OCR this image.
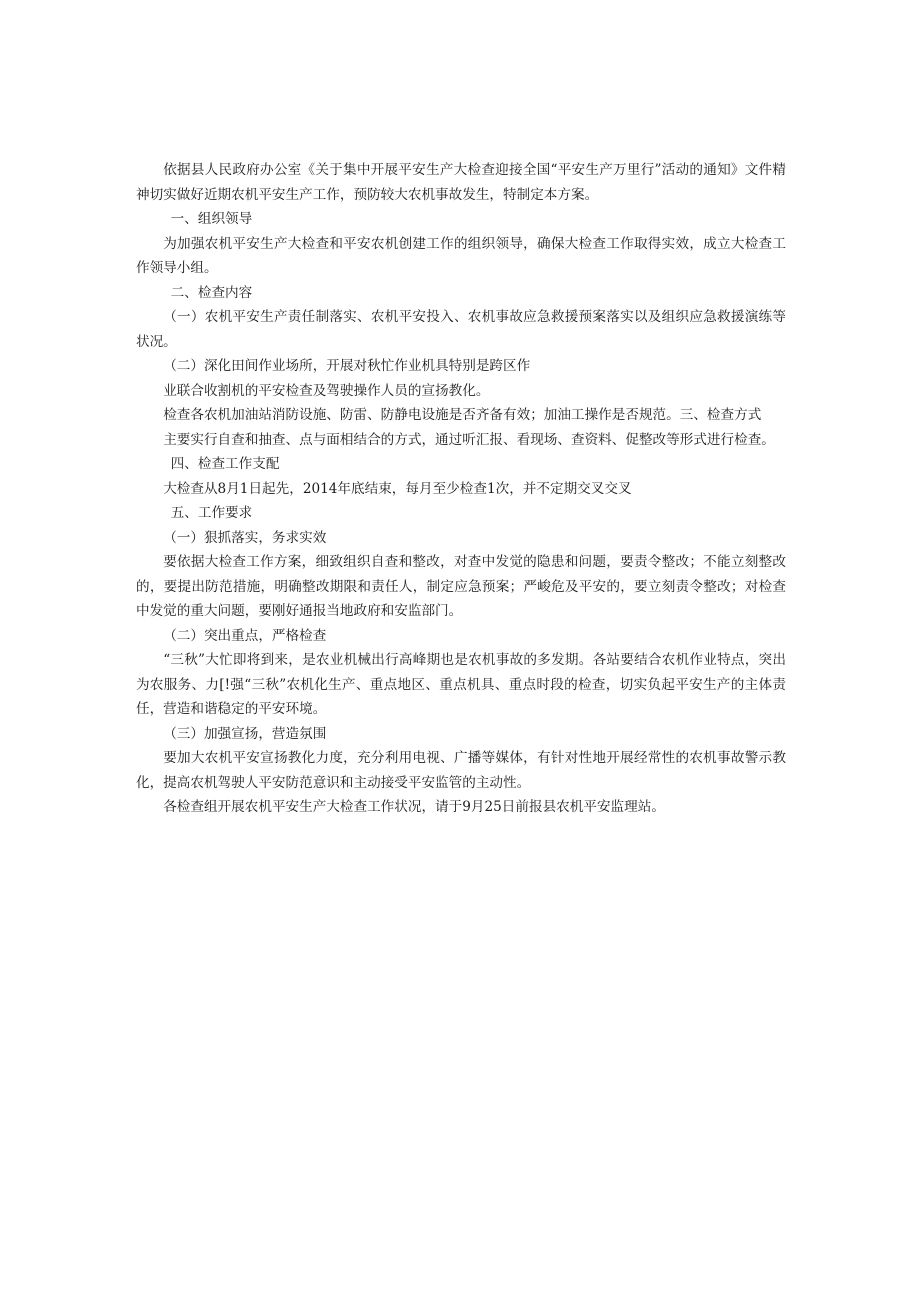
依据县人民政府办公室《关于集中开展平安生产大检查迎接全国“平安生产万里行”活动的通知》文件精神切实做好近期农机平安生产工作，预防较大农机事故发生，特制定本方案。

一、组织领导

为加强农机平安生产大检查和平安农机创建工作的组织领导，确保大检查工作取得实效，成立大检查工作领导小组。

二、检查内容

（一）农机平安生产责任制落实、农机平安投入、农机事故应急救援预案落实以及组织应急救援演练等状况。

（二）深化田间作业场所，开展对秋忙作业机具特别是跨区作

业联合收割机的平安检查及驾驶操作人员的宣扬教化。

检查各农机加油站消防设施、防雷、防静电设施是否齐备有效；加油工操作是否规范。三、检查方式

主要实行自查和抽查、点与面相结合的方式，通过听汇报、看现场、查资料、促整改等形式进行检查。

四、检查工作支配

大检查从8月1日起先，2014年底结束，每月至少检查1次，并不定期交叉交叉

五、工作要求

（一）狠抓落实，务求实效

要依据大检查工作方案，细致组织自查和整改，对查中发觉的隐患和问题，要责令整改；不能立刻整改的，要提出防范措施，明确整改期限和责任人，制定应急预案；严峻危及平安的，要立刻责令整改；对检查中发觉的重大问题，要刚好通报当地政府和安监部门。

（二）突出重点，严格检查

“三秋”大忙即将到来，是农业机械出行高峰期也是农机事故的多发期。各站要结合农机作业特点，突出为农服务、力[!强“三秋”农机化生产、重点地区、重点机具、重点时段的检查，切实负起平安生产的主体责任，营造和谐稳定的平安环境。

（三）加强宣扬，营造氛围

要加大农机平安宣扬教化力度，充分利用电视、广播等媒体，有针对性地开展经常性的农机事故警示教化，提高农机驾驶人平安防范意识和主动接受平安监管的主动性。

各检查组开展农机平安生产大检查工作状况，请于9月25日前报县农机平安监理站。
